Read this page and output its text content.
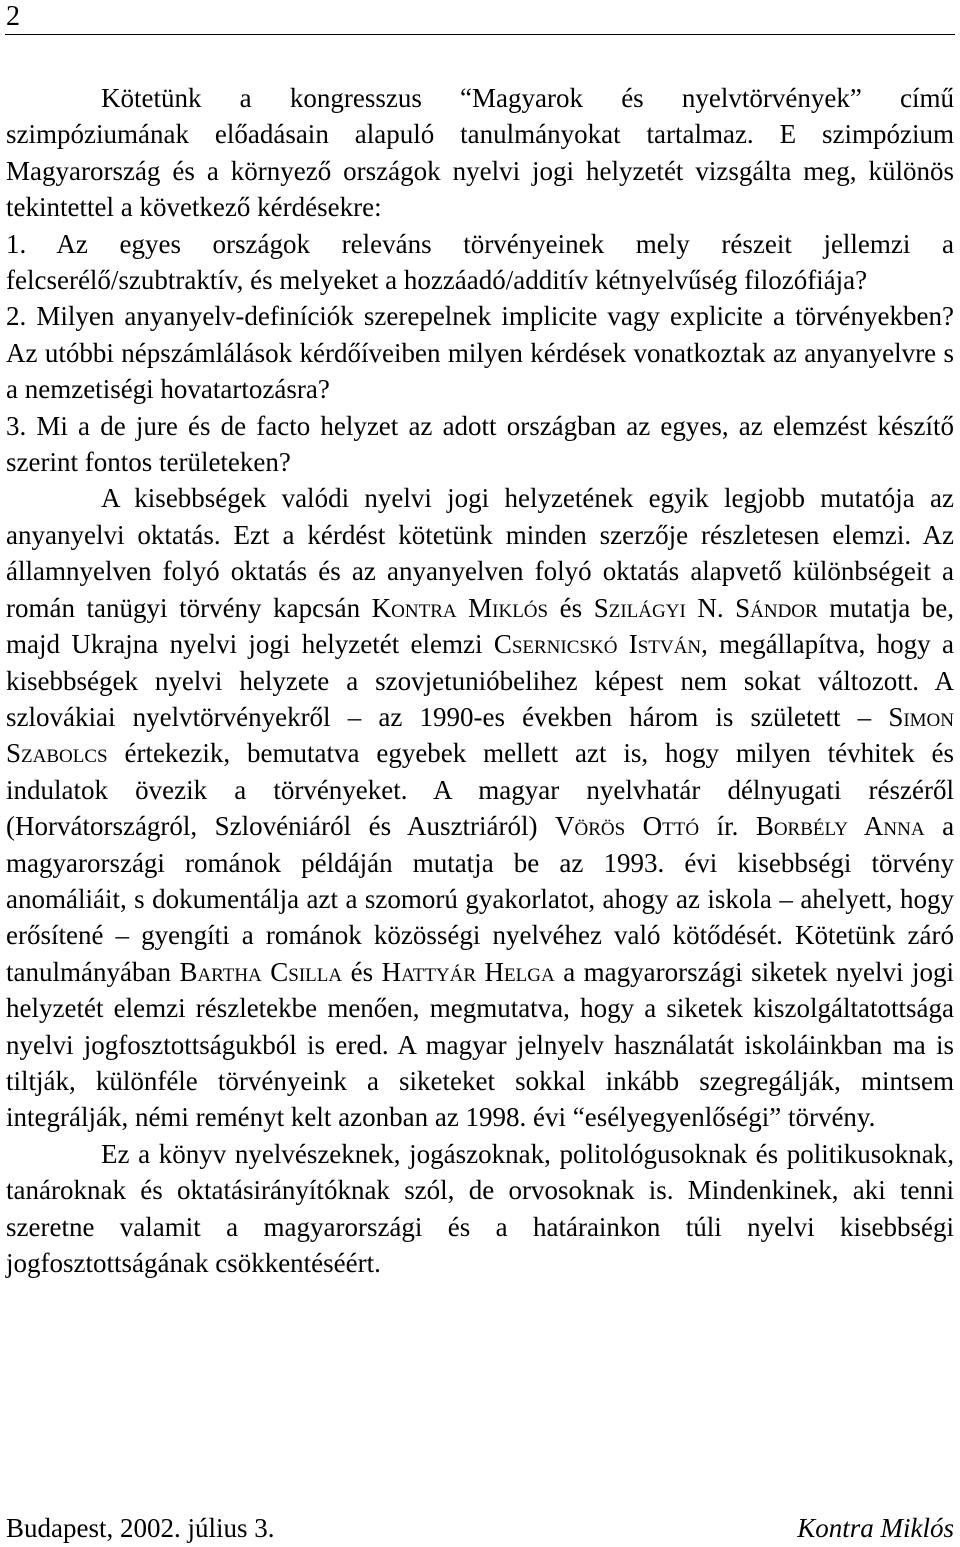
2

Kötetünk a kongresszus “Magyarok és nyelvtörvények” című szimpóziumának előadásain alapuló tanulmányokat tartalmaz. E szimpózium Magyarország és a környező országok nyelvi jogi helyzetét vizsgálta meg, különös tekintettel a következő kérdésekre:

1. Az egyes országok releváns törvényeinek mely részeit jellemzi a felcserélő/szubtraktív, és melyeket a hozzáadó/additív kétnyelvűség filozófiája?

2. Milyen anyanyelv-definíciók szerepelnek implicite vagy explicite a törvényekben? Az utóbbi népszámlálások kérdőíveiben milyen kérdések vonatkoztak az anyanyelvre s a nemzetiségi hovatartozásra?

3. Mi a de jure és de facto helyzet az adott országban az egyes, az elemzést készítő szerint fontos területeken?

A kisebbségek valódi nyelvi jogi helyzetének egyik legjobb mutatója az anyanyelvi oktatás. Ezt a kérdést kötetünk minden szerzője részletesen elemzi. Az államnyelven folyó oktatás és az anyanyelven folyó oktatás alapvető különbségeit a román tanügyi törvény kapcsán Kontra Miklós és Szilágyi N. Sándor mutatja be, majd Ukrajna nyelvi jogi helyzetét elemzi Csernicskó István, megállapítva, hogy a kisebbségek nyelvi helyzete a szovjetunióbelihez képest nem sokat változott. A szlovákiai nyelvtörvényekről – az 1990-es években három is született – Simon Szabolcs értekezik, bemutatva egyebek mellett azt is, hogy milyen tévhitek és indulatok övezik a törvényeket. A magyar nyelvhatár délnyugati részéről (Horvátországról, Szlovéniáról és Ausztriáról) Vörös Ottó ír. Borbély Anna a magyarországi románok példáján mutatja be az 1993. évi kisebbségi törvény anomáliáit, s dokumentálja azt a szomorú gyakorlatot, ahogy az iskola – ahelyett, hogy erősítené – gyengíti a románok közösségi nyelvéhez való kötődését. Kötetünk záró tanulmányában Bartha Csilla és Hattyár Helga a magyarországi siketek nyelvi jogi helyzetét elemzi részletekbe menően, megmutatva, hogy a siketek kiszolgáltatottsága nyelvi jogfosztottságukból is ered. A magyar jelnyelv használatát iskoláinkban ma is tiltják, különféle törvényeink a siketeket sokkal inkább szegregálják, mintsem integrálják, némi reményt kelt azonban az 1998. évi “esélyegyenlőségi” törvény.

Ez a könyv nyelvészeknek, jogászoknak, politológusoknak és politikusoknak, tanároknak és oktatásirányítóknak szól, de orvosoknak is. Mindenkinek, aki tenni szeretne valamit a magyarországi és a határainkon túli nyelvi kisebbségi jogfosztottságának csökkentéséért.

Budapest, 2002. július 3.	Kontra Miklós
